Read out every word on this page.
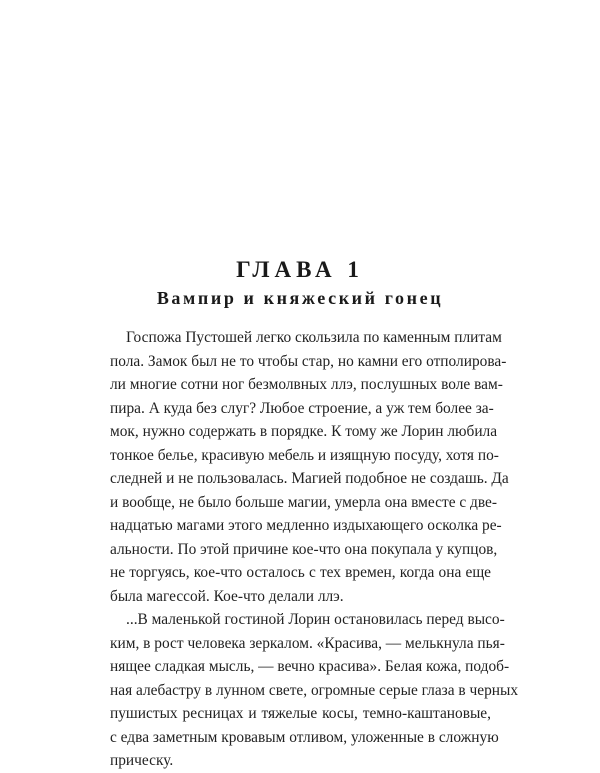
ГЛАВА 1
Вампир и княжеский гонец
Госпожа Пустошей легко скользила по каменным плитам
пола. Замок был не то чтобы стар, но камни его отполирова-
ли многие сотни ног безмолвных ллэ, послушных воле вам-
пира. А куда без слуг? Любое строение, а уж тем более за-
мок, нужно содержать в порядке. К тому же Лорин любила
тонкое белье, красивую мебель и изящную посуду, хотя по-
следней и не пользовалась. Магией подобное не создашь. Да
и вообще, не было больше магии, умерла она вместе с две-
надцатью магами этого медленно издыхающего осколка ре-
альности. По этой причине кое-что она покупала у купцов,
не торгуясь, кое-что осталось с тех времен, когда она еще
была магессой. Кое-что делали ллэ.
...В маленькой гостиной Лорин остановилась перед высо-
ким, в рост человека зеркалом. «Красива, — мелькнула пья-
нящее сладкая мысль, — вечно красива». Белая кожа, подоб-
ная алебастру в лунном свете, огромные серые глаза в черных
пушистых ресницах и тяжелые косы, темно-каштановые,
с едва заметным кровавым отливом, уложенные в сложную
прическу.
